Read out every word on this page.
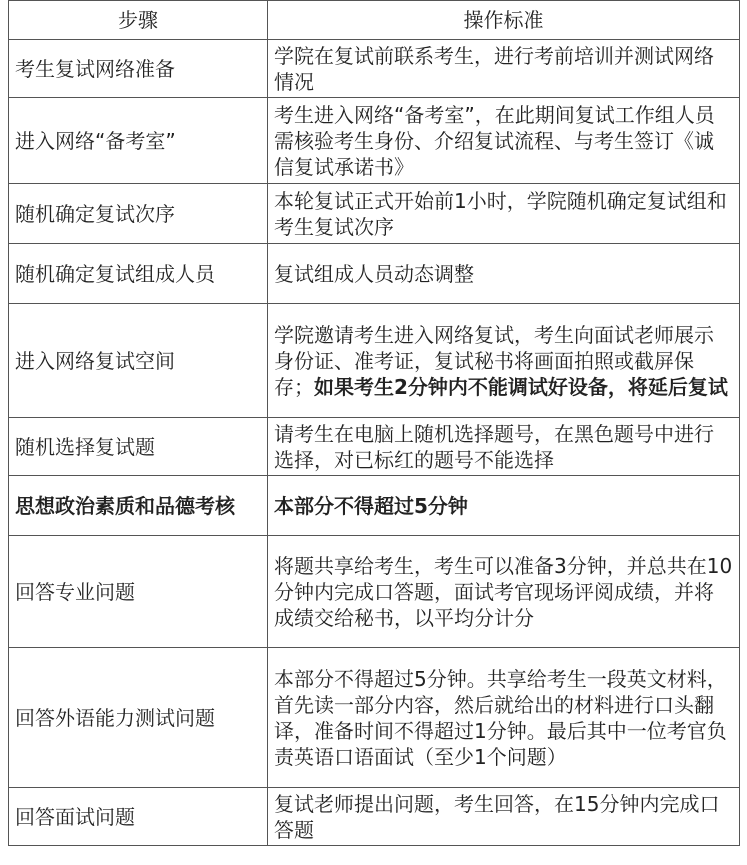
步骤	操作标准
考生复试网络准备	学院在复试前联系考生，进行考前培训并测试网络情况
进入网络“备考室”	考生进入网络“备考室”，在此期间复试工作组人员需核验考生身份、介绍复试流程、与考生签订《诚信复试承诺书》
随机确定复试次序	本轮复试正式开始前1小时，学院随机确定复试组和考生复试次序
随机确定复试组成人员	复试组成人员动态调整
进入网络复试空间	学院邀请考生进入网络复试，考生向面试老师展示身份证、准考证，复试秘书将画面拍照或截屏保存；如果考生2分钟内不能调试好设备，将延后复试
随机选择复试题	请考生在电脑上随机选择题号，在黑色题号中进行选择，对已标红的题号不能选择
思想政治素质和品德考核	本部分不得超过5分钟
回答专业问题	将题共享给考生，考生可以准备3分钟，并总共在10分钟内完成口答题，面试考官现场评阅成绩，并将成绩交给秘书，以平均分计分
回答外语能力测试问题	本部分不得超过5分钟。共享给考生一段英文材料，首先读一部分内容，然后就给出的材料进行口头翻译，准备时间不得超过1分钟。最后其中一位考官负责英语口语面试（至少1个问题）
回答面试问题	复试老师提出问题，考生回答，在15分钟内完成口答题
